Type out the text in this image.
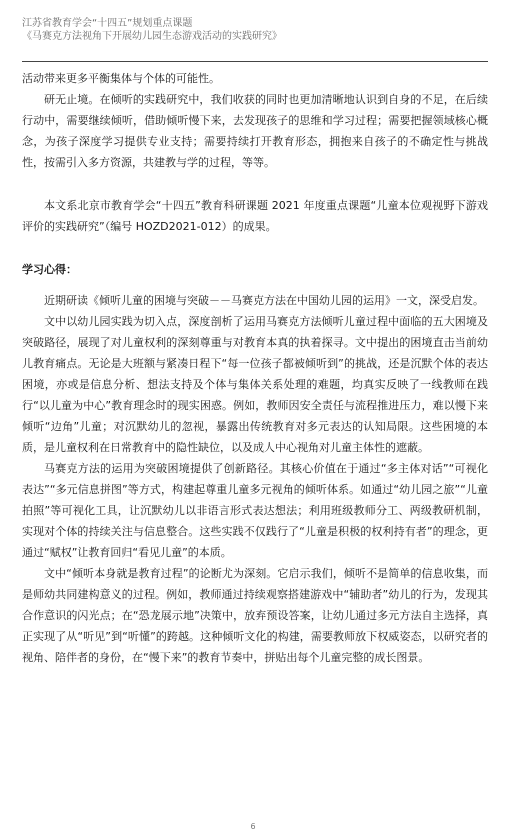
江苏省教育学会“十四五”规划重点课题
《马赛克方法视角下开展幼儿园生态游戏活动的实践研究》

活动带来更多平衡集体与个体的可能性。

研无止境。在倾听的实践研究中，我们收获的同时也更加清晰地认识到自身的不足，在后续行动中，需要继续倾听，借助倾听慢下来，去发现孩子的思维和学习过程；需要把握领域核心概念，为孩子深度学习提供专业支持；需要持续打开教育形态，拥抱来自孩子的不确定性与挑战性，按需引入多方资源，共建教与学的过程，等等。

本文系北京市教育学会“十四五”教育科研课题 2021 年度重点课题“儿童本位观视野下游戏评价的实践研究”（编号 HOZD2021-012）的成果。

学习心得：

近期研读《倾听儿童的困境与突破－－马赛克方法在中国幼儿园的运用》一文，深受启发。

文中以幼儿园实践为切入点，深度剖析了运用马赛克方法倾听儿童过程中面临的五大困境及突破路径，展现了对儿童权利的深刻尊重与对教育本真的执着探寻。文中提出的困境直击当前幼儿教育痛点。无论是大班额与紧凑日程下“每一位孩子都被倾听到”的挑战，还是沉默个体的表达困境，亦或是信息分析、想法支持及个体与集体关系处理的难题，均真实反映了一线教师在践行“以儿童为中心”教育理念时的现实困惑。例如，教师因安全责任与流程推进压力，难以慢下来倾听“边角”儿童；对沉默幼儿的忽视，暴露出传统教育对多元表达的认知局限。这些困境的本质，是儿童权利在日常教育中的隐性缺位，以及成人中心视角对儿童主体性的遮蔽。

马赛克方法的运用为突破困境提供了创新路径。其核心价值在于通过“多主体对话”“可视化表达”“多元信息拼图”等方式，构建起尊重儿童多元视角的倾听体系。如通过“幼儿园之旅”“儿童拍照”等可视化工具，让沉默幼儿以非语言形式表达想法；利用班级教师分工、两级教研机制，实现对个体的持续关注与信息整合。这些实践不仅践行了“儿童是积极的权利持有者”的理念，更通过“赋权”让教育回归“看见儿童”的本质。

文中“倾听本身就是教育过程”的论断尤为深刻。它启示我们，倾听不是简单的信息收集，而是师幼共同建构意义的过程。例如，教师通过持续观察搭建游戏中“辅助者”幼儿的行为，发现其合作意识的闪光点；在“恐龙展示地”决策中，放弃预设答案，让幼儿通过多元方法自主选择，真正实现了从“听见”到“听懂”的跨越。这种倾听文化的构建，需要教师放下权威姿态，以研究者的视角、陪伴者的身份，在“慢下来”的教育节奏中，拼贴出每个儿童完整的成长图景。

6
